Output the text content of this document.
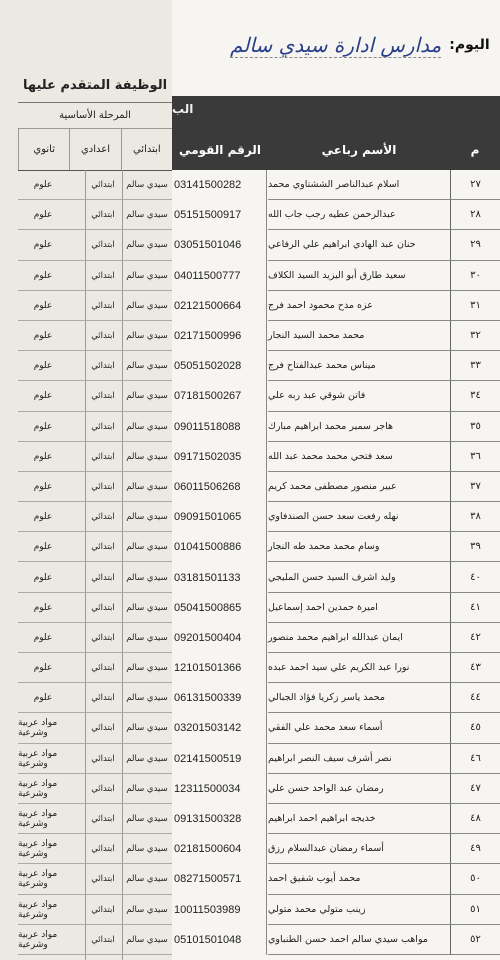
اليوم:
مدارس ادارة سيدي سالم
الوظيفة المتقدم عليها
المرحلة الأساسية
ابتدائي
اعدادي
ثانوي
الب
م
الأسم رباعي
الرقم القومي
علوم	ابتدائي	سيدي سالم 03141500282	اسلام عبدالناصر الششتاوي محمد	٢٧
علوم	ابتدائي	سيدي سالم 05151500917	عبدالرحمن عطيه رجب جاب الله	٢٨
علوم	ابتدائي	سيدي سالم 03051501046	حنان عبد الهادي ابراهيم علي الرفاعي	٢٩
علوم	ابتدائي	سيدي سالم 04011500777	سعيد طارق أبو اليزيد السيد الكلاف	٣٠
علوم	ابتدائي	سيدي سالم 02121500664	عزه مدح محمود احمد فرج	٣١
علوم	ابتدائي	سيدي سالم 02171500996	محمد محمد السيد النجار	٣٢
علوم	ابتدائي	سيدي سالم 05051502028	ميناس محمد عبدالفتاح فرج	٣٣
علوم	ابتدائي	سيدي سالم 07181500267	فاتن شوقي عبد ربه علي	٣٤
علوم	ابتدائي	سيدي سالم 09011518088	هاجر سمير محمد ابراهيم مبارك	٣٥
علوم	ابتدائي	سيدي سالم 09171502035	سعد فتحي محمد محمد عبد الله	٣٦
علوم	ابتدائي	سيدي سالم 06011506268	عبير منصور مصطفى محمد كريم	٣٧
علوم	ابتدائي	سيدي سالم 09091501065	نهله رفعت سعد حسن الصندفاوي	٣٨
علوم	ابتدائي	سيدي سالم 01041500886	وسام محمد محمد طه النجار	٣٩
علوم	ابتدائي	سيدي سالم 03181501133	وليد اشرف السيد حسن المليجي	٤٠
علوم	ابتدائي	سيدي سالم 05041500865	اميرة حمدين احمد إسماعيل	٤١
علوم	ابتدائي	سيدي سالم 09201500404	ايمان عبدالله ابراهيم محمد منصور	٤٢
علوم	ابتدائي	سيدي سالم 12101501366	نورا عبد الكريم علي سيد احمد عبده	٤٣
علوم	ابتدائي	سيدي سالم 06131500339	محمد ياسر زكريا فؤاد الجبالي	٤٤
مواد عربية وشرعية	ابتدائي	سيدي سالم 03201503142	أسماء سعد محمد علي الفقي	٤٥
مواد عربية وشرعية	ابتدائي	سيدي سالم 02141500519	نصر أشرف سيف النصر ابراهيم	٤٦
مواد عربية وشرعية	ابتدائي	سيدي سالم 12311500034	رمضان عبد الواحد حسن علي	٤٧
مواد عربية وشرعية	ابتدائي	سيدي سالم 09131500328	خديجه ابراهيم احمد ابراهيم	٤٨
مواد عربية وشرعية	ابتدائي	سيدي سالم 02181500604	أسماء رمضان عبدالسلام رزق	٤٩
مواد عربية وشرعية	ابتدائي	سيدي سالم 08271500571	محمد أيوب شفيق احمد	٥٠
مواد عربية وشرعية	ابتدائي	سيدي سالم 10011503989	زينب متولي محمد متولي	٥١
مواد عربية وشرعية	ابتدائي	سيدي سالم 05101501048	مواهب سيدي سالم احمد حسن الطنباوي	٥٢
